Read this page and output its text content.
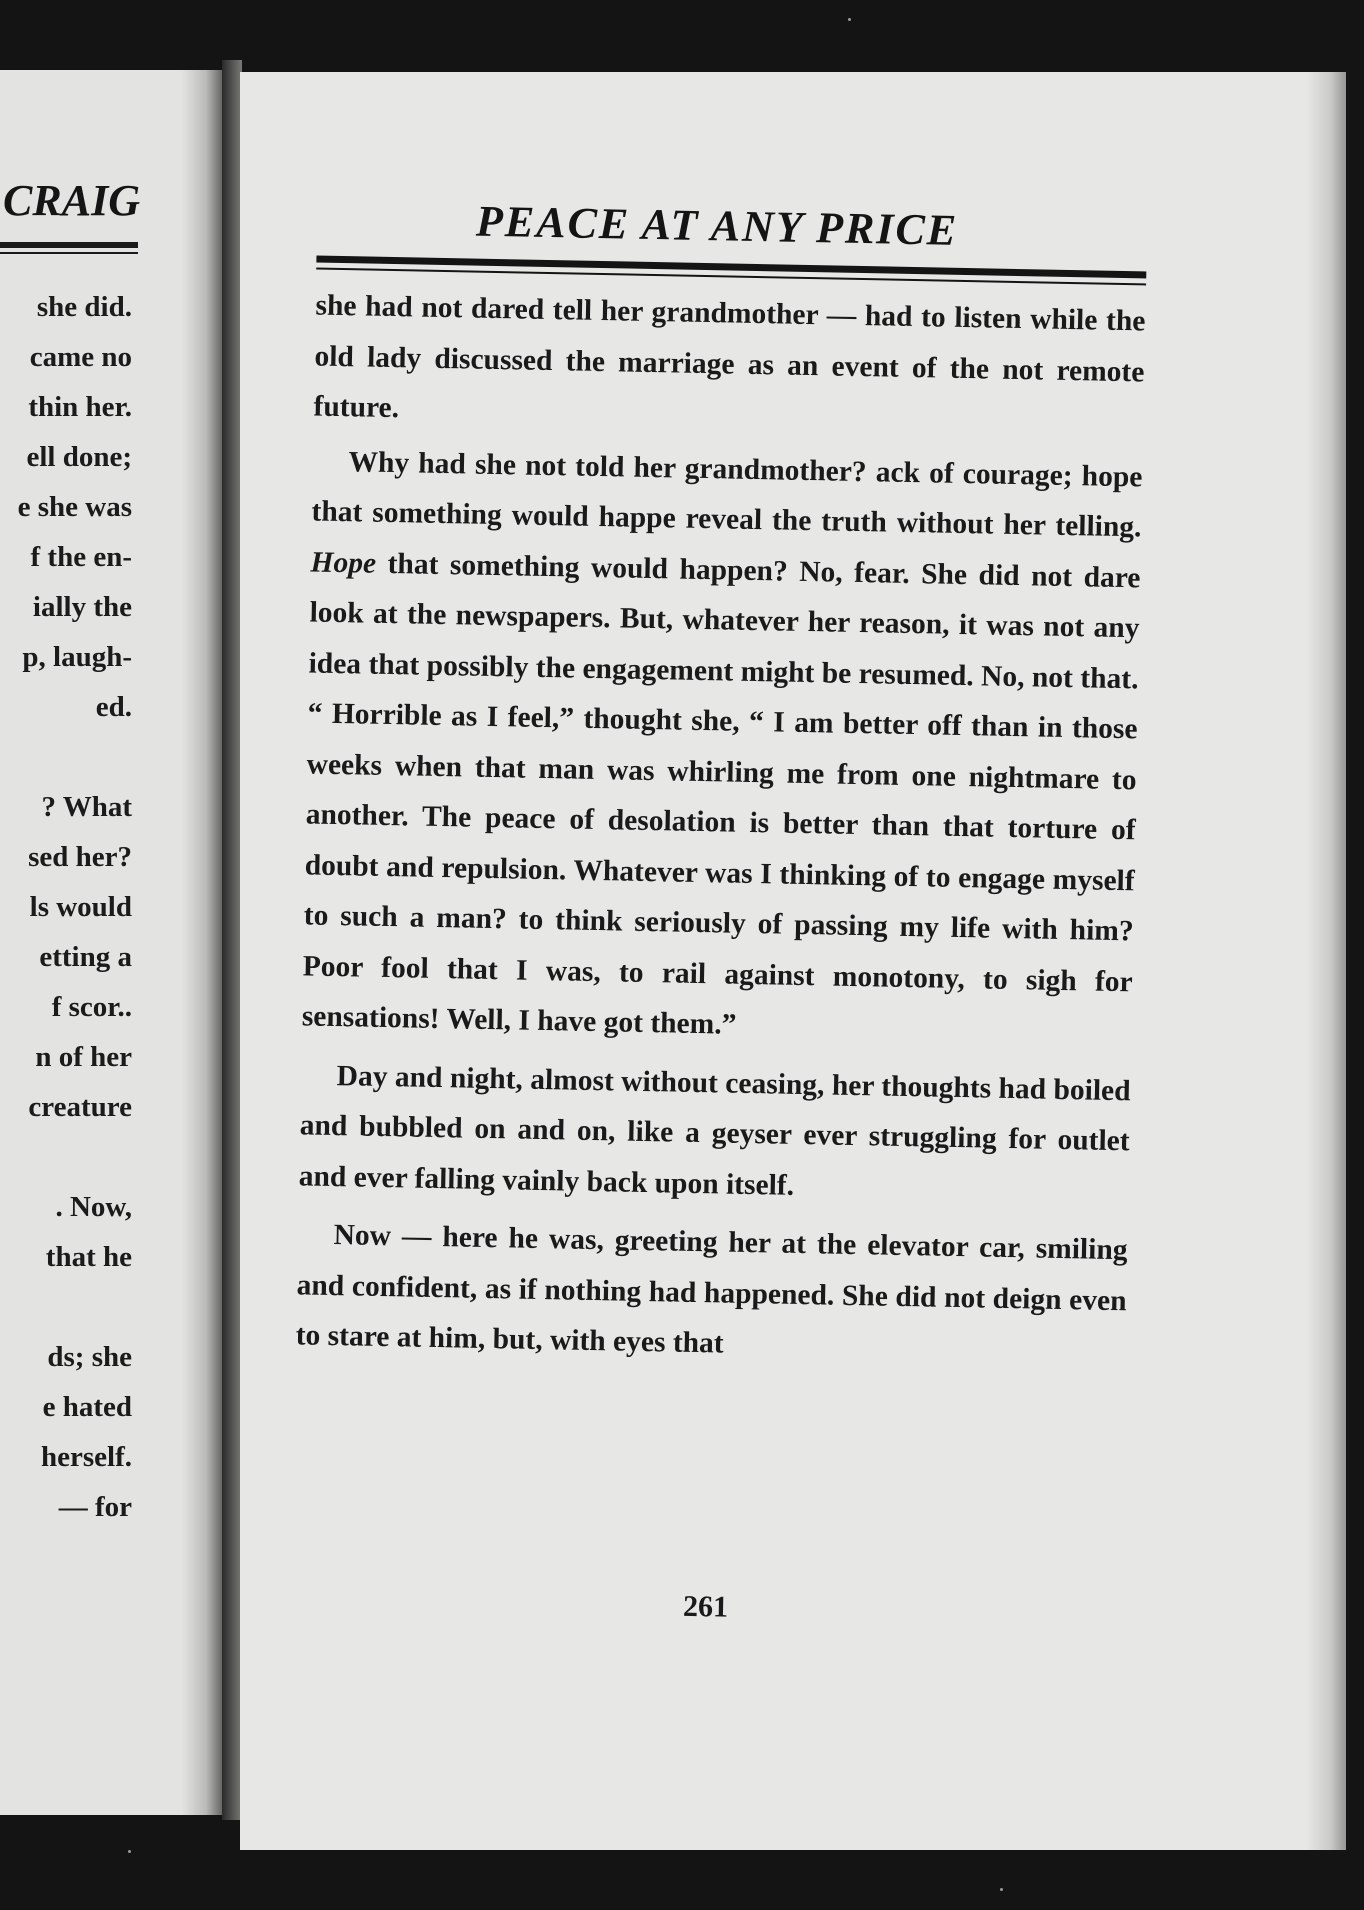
CRAIG
she did.
came no
thin her.
ell done;
e she was
f the en-
ially the
p, laugh-
ed.
? What
sed her?
ls would
etting a
f scor..
n of her
creature
. Now,
that he
ds; she
e hated
herself.
— for
PEACE AT ANY PRICE

she had not dared tell her grandmother — had to listen while the old lady discussed the marriage as an event of the not remote future.

Why had she not told her grandmother? ack of courage; hope that something would happe reveal the truth without her telling. Hope that something would happen? No, fear. She did not dare look at the newspapers. But, whatever her reason, it was not any idea that possibly the engagement might be resumed. No, not that. “ Horrible as I feel,” thought she, “ I am better off than in those weeks when that man was whirling me from one nightmare to another. The peace of desolation is better than that torture of doubt and repulsion. Whatever was I thinking of to engage myself to such a man? to think seriously of passing my life with him? Poor fool that I was, to rail against monotony, to sigh for sensations! Well, I have got them.”

Day and night, almost without ceasing, her thoughts had boiled and bubbled on and on, like a geyser ever struggling for outlet and ever falling vainly back upon itself.

Now — here he was, greeting her at the elevator car, smiling and confident, as if nothing had happened. She did not deign even to stare at him, but, with eyes that

261
